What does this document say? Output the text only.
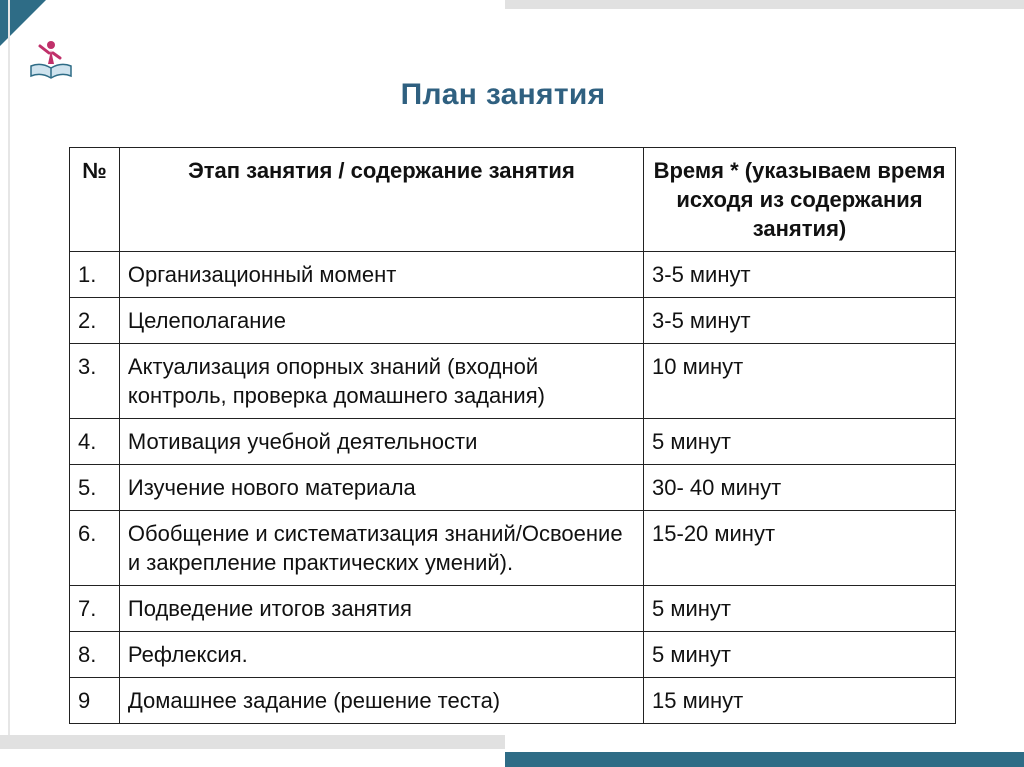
План занятия
№	Этап занятия / содержание занятия	Время * (указываем время исходя из содержания занятия)
1.	Организационный момент	3-5 минут
2.	Целеполагание	3-5 минут
3.	Актуализация опорных знаний (входной контроль, проверка домашнего задания)	10 минут
4.	Мотивация учебной деятельности	5 минут
5.	Изучение нового материала	30- 40 минут
6.	Обобщение и систематизация знаний/Освоение и закрепление практических умений).	15-20 минут
7.	Подведение итогов занятия	5 минут
8.	Рефлексия.	5 минут
9	Домашнее задание (решение теста)	15 минут
